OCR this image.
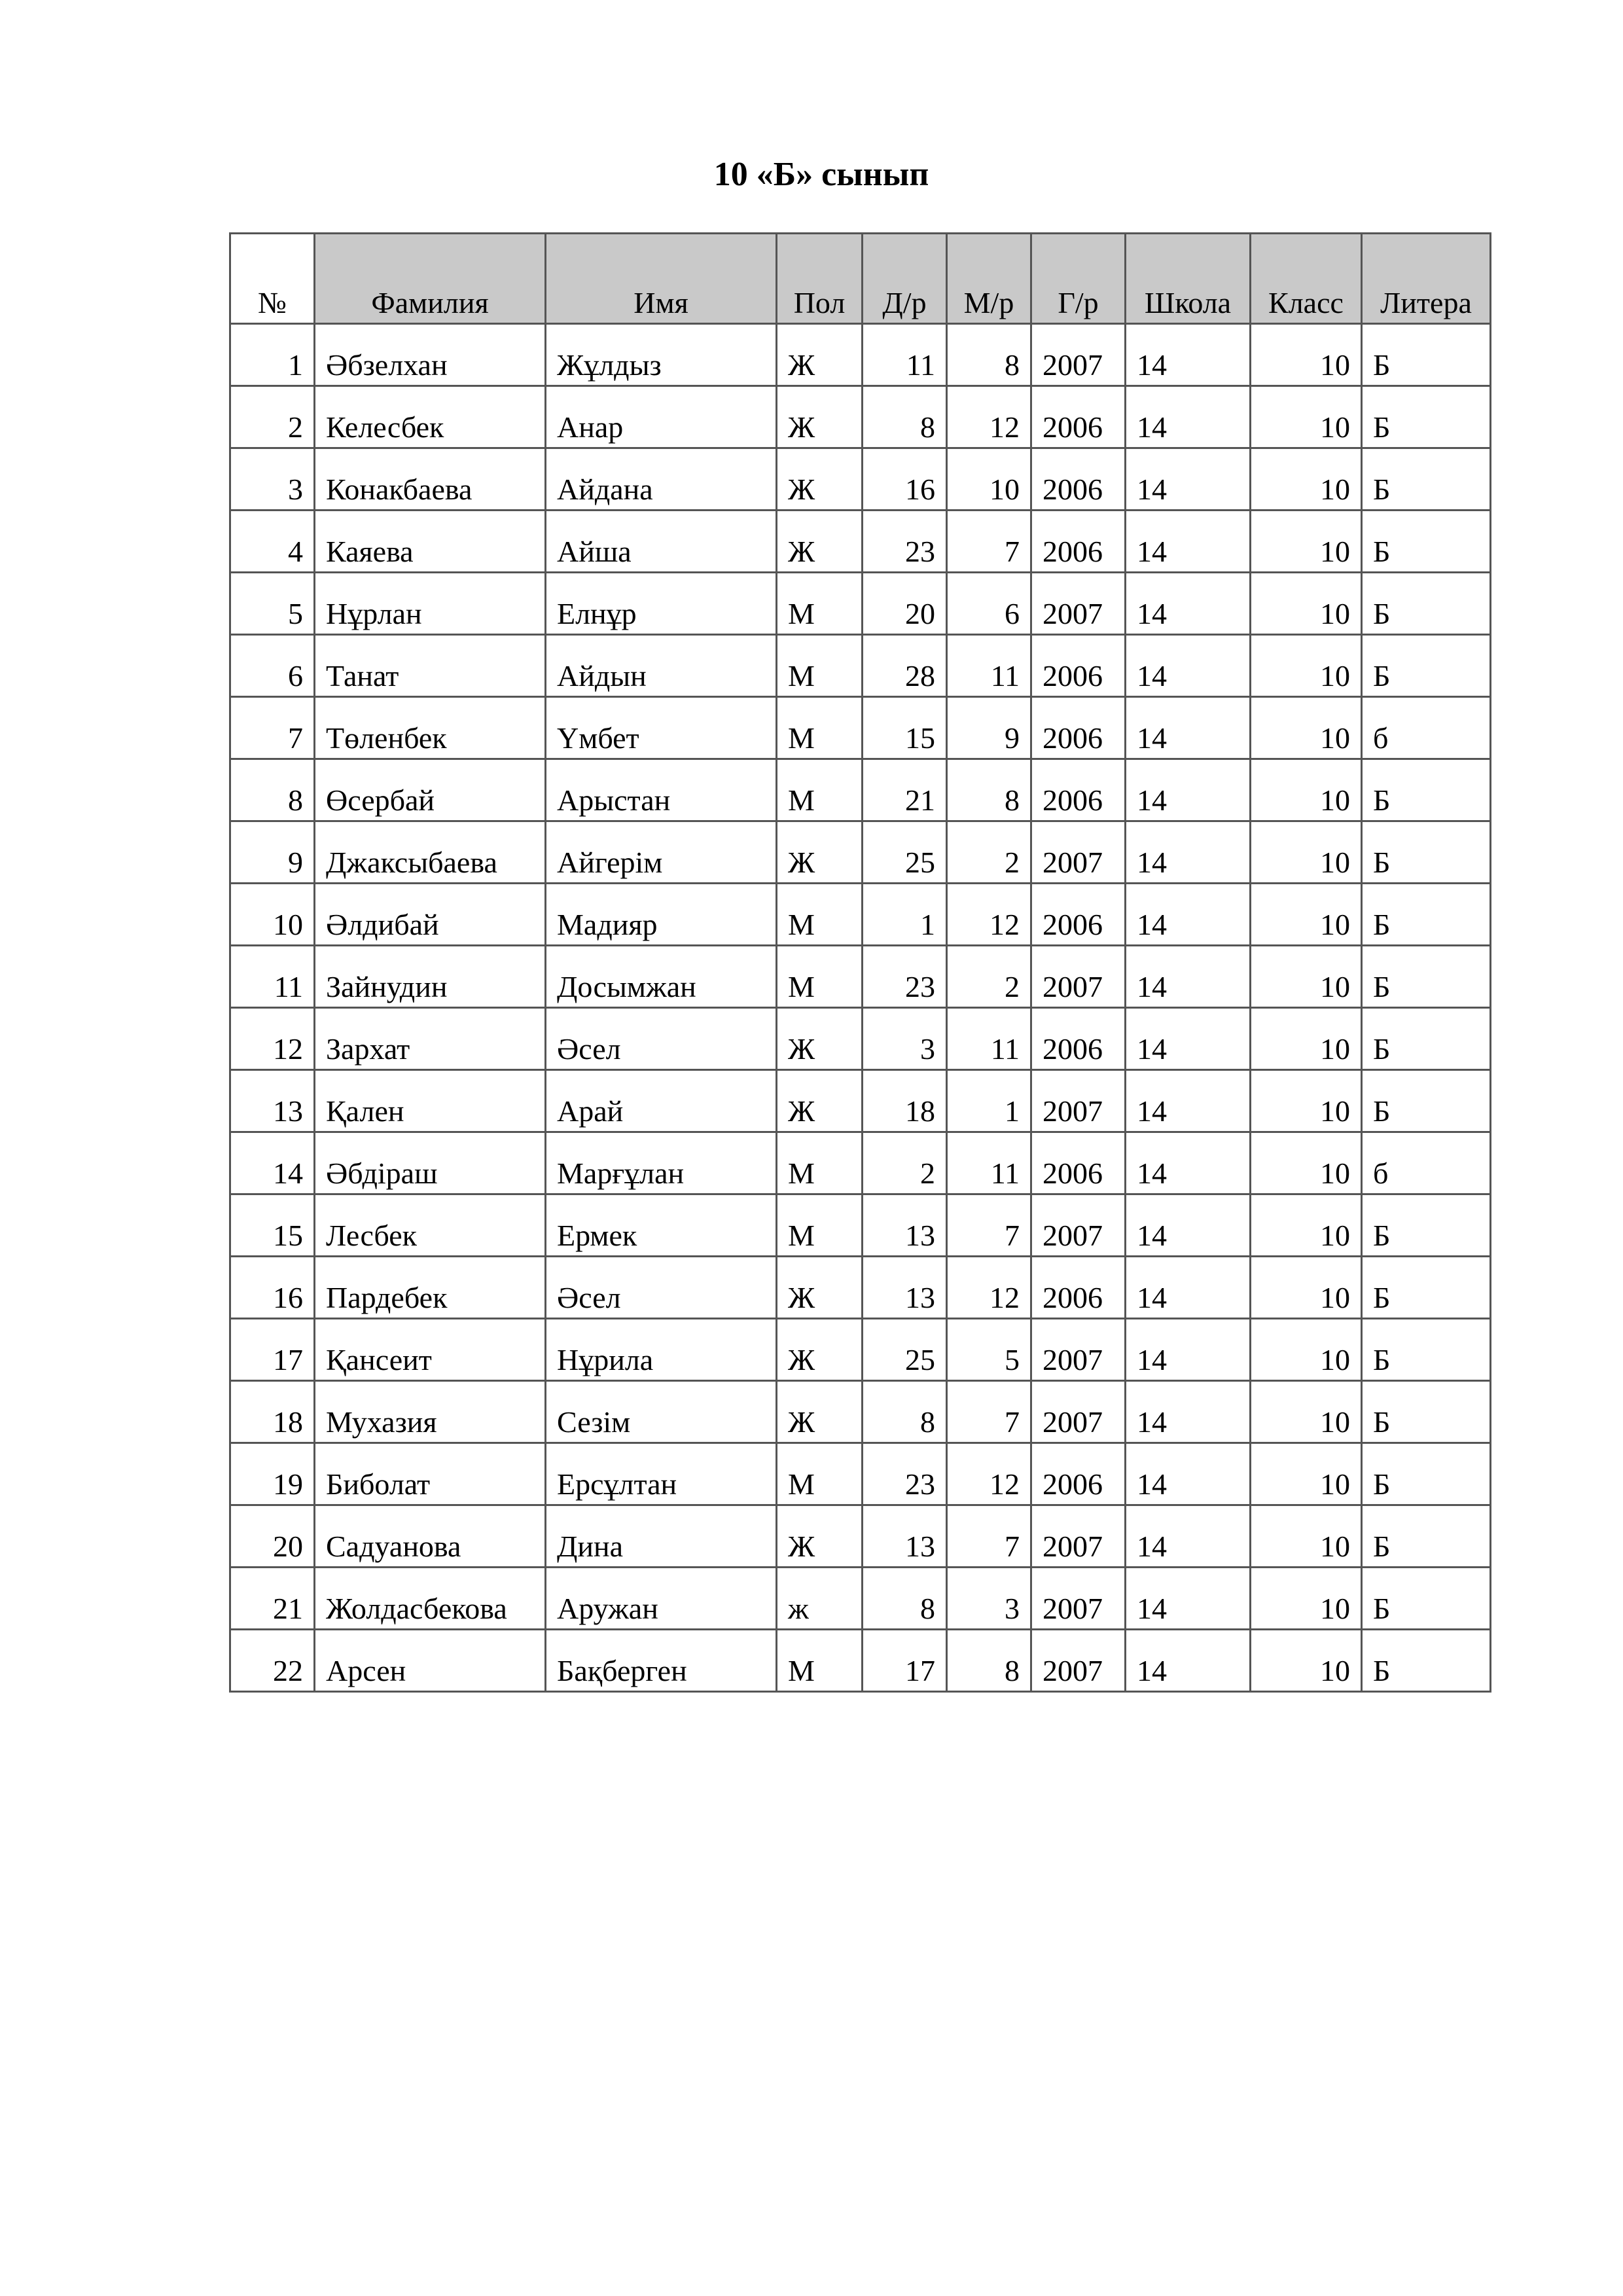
10 «Б» сынып
№	Фамилия	Имя	Пол	Д/р	М/р	Г/р	Школа	Класс	Литера
1	Әбзелхан	Жұлдыз	Ж	11	8	2007	14	10	Б
2	Келесбек	Анар	Ж	8	12	2006	14	10	Б
3	Конакбаева	Айдана	Ж	16	10	2006	14	10	Б
4	Каяева	Айша	Ж	23	7	2006	14	10	Б
5	Нұрлан	Елнұр	М	20	6	2007	14	10	Б
6	Танат	Айдын	М	28	11	2006	14	10	Б
7	Төленбек	Үмбет	М	15	9	2006	14	10	б
8	Өсербай	Арыстан	М	21	8	2006	14	10	Б
9	Джаксыбаева	Айгерім	Ж	25	2	2007	14	10	Б
10	Әлдибай	Мадияр	М	1	12	2006	14	10	Б
11	Зайнудин	Досымжан	М	23	2	2007	14	10	Б
12	Зархат	Әсел	Ж	3	11	2006	14	10	Б
13	Қален	Арай	Ж	18	1	2007	14	10	Б
14	Әбдіраш	Марғұлан	М	2	11	2006	14	10	б
15	Лесбек	Ермек	М	13	7	2007	14	10	Б
16	Пардебек	Әсел	Ж	13	12	2006	14	10	Б
17	Қансеит	Нұрила	Ж	25	5	2007	14	10	Б
18	Мухазия	Сезім	Ж	8	7	2007	14	10	Б
19	Биболат	Ерсұлтан	М	23	12	2006	14	10	Б
20	Садуанова	Дина	Ж	13	7	2007	14	10	Б
21	Жолдасбекова	Аружан	ж	8	3	2007	14	10	Б
22	Арсен	Бақберген	М	17	8	2007	14	10	Б
